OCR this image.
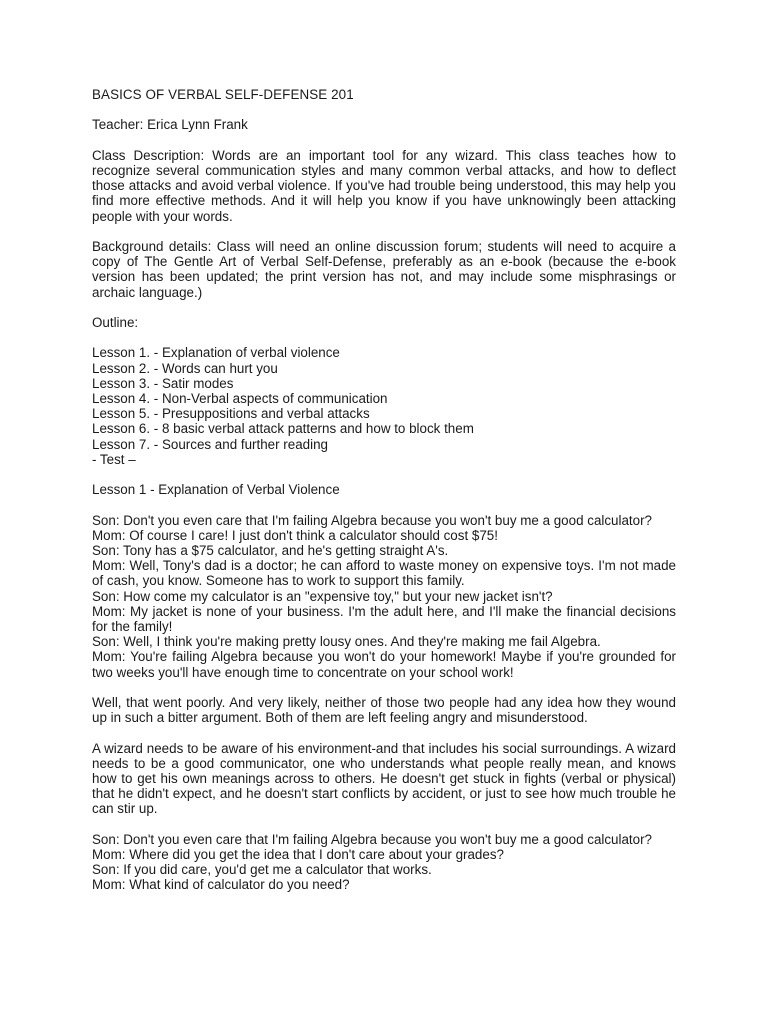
BASICS OF VERBAL SELF-DEFENSE 201

Teacher: Erica Lynn Frank

Class Description: Words are an important tool for any wizard. This class teaches how to recognize several communication styles and many common verbal attacks, and how to deflect those attacks and avoid verbal violence. If you've had trouble being understood, this may help you find more effective methods. And it will help you know if you have unknowingly been attacking people with your words.

Background details: Class will need an online discussion forum; students will need to acquire a copy of The Gentle Art of Verbal Self-Defense, preferably as an e-book (because the e-book version has been updated; the print version has not, and may include some misphrasings or archaic language.)

Outline:

Lesson 1. - Explanation of verbal violence
Lesson 2. - Words can hurt you
Lesson 3. - Satir modes
Lesson 4. - Non-Verbal aspects of communication
Lesson 5. - Presuppositions and verbal attacks
Lesson 6. - 8 basic verbal attack patterns and how to block them
Lesson 7. - Sources and further reading
- Test –

Lesson 1 - Explanation of Verbal Violence

Son: Don't you even care that I'm failing Algebra because you won't buy me a good calculator?
Mom: Of course I care! I just don't think a calculator should cost $75!
Son: Tony has a $75 calculator, and he's getting straight A's.
Mom: Well, Tony's dad is a doctor; he can afford to waste money on expensive toys. I'm not made of cash, you know. Someone has to work to support this family.
Son: How come my calculator is an "expensive toy," but your new jacket isn't?
Mom: My jacket is none of your business. I'm the adult here, and I'll make the financial decisions for the family!
Son: Well, I think you're making pretty lousy ones. And they're making me fail Algebra.
Mom: You're failing Algebra because you won't do your homework! Maybe if you're grounded for two weeks you'll have enough time to concentrate on your school work!

Well, that went poorly. And very likely, neither of those two people had any idea how they wound up in such a bitter argument. Both of them are left feeling angry and misunderstood.

A wizard needs to be aware of his environment-and that includes his social surroundings. A wizard needs to be a good communicator, one who understands what people really mean, and knows how to get his own meanings across to others. He doesn't get stuck in fights (verbal or physical) that he didn't expect, and he doesn't start conflicts by accident, or just to see how much trouble he can stir up.

Son: Don't you even care that I'm failing Algebra because you won't buy me a good calculator?
Mom: Where did you get the idea that I don't care about your grades?
Son: If you did care, you'd get me a calculator that works.
Mom: What kind of calculator do you need?
